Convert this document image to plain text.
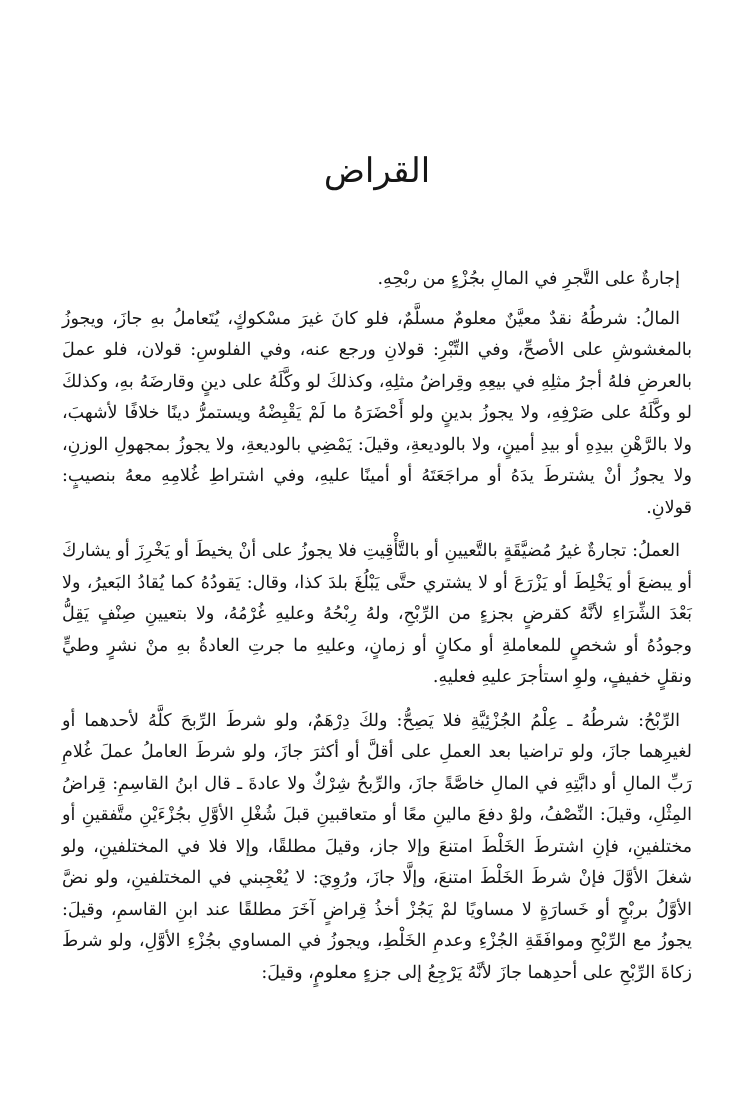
القراض

إجارةٌ على التَّجرِ في المالِ بجُزْءٍ من ربْحِهِ.

المالُ: شرطُهُ نقدٌ معيَّنٌ معلومٌ مسلَّمٌ، فلو كانَ غيرَ مسْكوكٍ، يُتَعاملُ بهِ جازَ، ويجوزُ بالمغشوشِ على الأصحِّ، وفي التِّبْرِ: قولانِ ورجع عنه، وفي الفلوسِ: قولان، فلو عملَ بالعرضِ فلهُ أجرُ مثلِهِ في بيعِهِ وقِراضُ مثلِهِ، وكذلكَ لو وكَّلَهُ على دينٍ وقارضَهُ بهِ، وكذلكَ لو وكَّلَهُ على صَرْفِهِ، ولا يجوزُ بدينٍ ولو أَحْضَرَهُ ما لَمْ يَقْبِضْهُ ويستمرُّ دينًا خلافًا لأشهبَ، ولا بالرَّهْنِ بيدِهِ أو بيدِ أمينٍ، ولا بالوديعةِ، وقيلَ: يَمْضِي بالوديعةِ، ولا يجوزُ بمجهولِ الوزنِ، ولا يجوزُ أنْ يشترطَ يدَهُ أو مراجَعَتَهُ أو أمينًا عليهِ، وفي اشتراطِ غُلامِهِ معهُ بنصيبٍ: قولانِ.

العملُ: تجارةٌ غيرُ مُضيَّقَةٍ بالتَّعيينِ أو بالتَّأْقِيتِ فلا يجوزُ على أنْ يخيطَ أو يَخْرِزَ أو يشاركَ أو يبضعَ أو يَخْلِطَ أو يَزْرَعَ أو لا يشتري حتَّى يَبْلُغَ بلدَ كذا، وقال: يَقودُهُ كما يُقادُ البَعيرُ، ولا بَعْدَ الشِّرَاءِ لأنَّهُ كقرضٍ بجزءٍ من الرِّبْحِ، ولهُ رِبْحُهُ وعليهِ غُرْمُهُ، ولا بتعيينِ صِنْفٍ يَقِلُّ وجودُهُ أو شخصٍ للمعاملةِ أو مكانٍ أو زمانٍ، وعليهِ ما جرتِ العادةُ بهِ منْ نشرٍ وطيٍّ ونقلٍ خفيفٍ، ولوِ استأجرَ عليهِ فعليهِ.

الرِّبْحُ: شرطُهُ ـ عِلْمُ الجُزْئِيَّةِ فلا يَصِحُّ: ولكَ دِرْهَمٌ، ولو شرطَ الرِّبحَ كلَّهُ لأحدهما أو لغيرِهما جازَ، ولو تراضيا بعد العملِ على أقلَّ أو أكثرَ جازَ، ولو شرطَ العاملُ عملَ غُلامِ رَبِّ المالِ أو دابَّتِهِ في المالِ خاصَّةً جازَ، والرِّبحُ شِرْكٌ ولا عادةَ ـ قال ابنُ القاسِمِ: قِراضُ المِثْلِ، وقيلَ: النِّصْفُ، ولوْ دفعَ مالينِ معًا أو متعاقبينِ قبلَ شُغْلِ الأوَّلِ بجُزْءَيْنِ متَّفقينِ أو مختلفينِ، فإنِ اشترطَ الخَلْطَ امتنعَ وإلا جاز، وقيلَ مطلقًا، وإلا فلا في المختلفينِ، ولو شغلَ الأوَّلَ فإنْ شرطَ الخَلْطَ امتنعَ، وإلَّا جازَ، ورُوِيَ: لا يُعْجِبني في المختلفينِ، ولو نضَّ الأوَّلُ بربْحٍ أو خَسارَةٍ لا مساويًا لمْ يَجُزْ أخذُ قِراضٍ آخَرَ مطلقًا عند ابنِ القاسمِ، وقيلَ: يجوزُ مع الرِّبْحِ وموافَقَةِ الجُزْءِ وعدمِ الخَلْطِ، ويجوزُ في المساوي بجُزْءِ الأوَّلِ، ولو شرطَ زكاةَ الرِّبْحِ على أحدِهما جازَ لأنَّهُ يَرْجِعُ إلى جزءٍ معلومٍ، وقيلَ:
